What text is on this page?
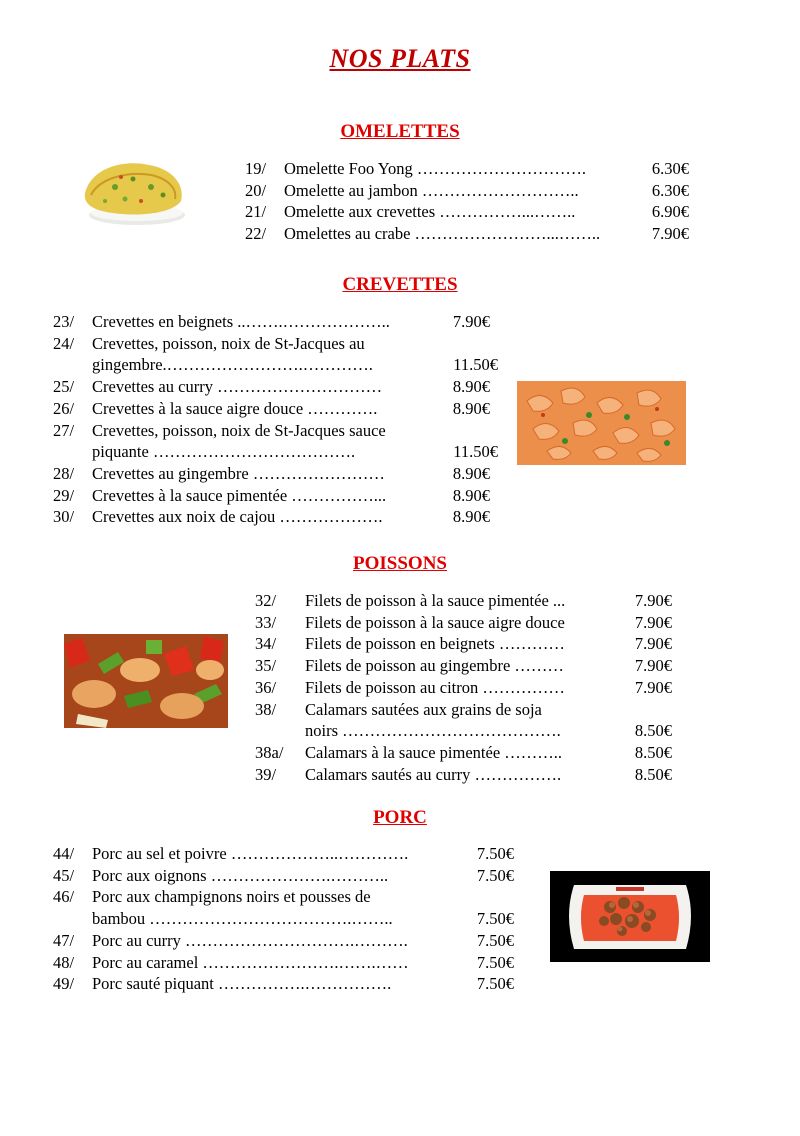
NOS PLATS
OMELETTES
19/	Omelette Foo Yong ………………………….	6.30€
20/	Omelette au jambon ………………………..	6.30€
21/	Omelette aux crevettes ……………...……..	6.90€
22/	Omelettes au crabe ……………………...……..	7.90€
CREVETTES
23/	Crevettes en beignets ..…….………………..	7.90€
24/	Crevettes, poisson, noix de St-Jacques au
gingembre.…………………….………….	11.50€
25/	Crevettes au curry …………………………	8.90€
26/	Crevettes à la sauce aigre douce ………….	8.90€
27/	Crevettes, poisson, noix de St-Jacques sauce
piquante ……………………………….	11.50€
28/	Crevettes au gingembre ……………………	8.90€
29/	Crevettes à la sauce pimentée ……………...	8.90€
30/	Crevettes aux noix de cajou ……………….	8.90€
POISSONS
32/	Filets de poisson à la sauce pimentée ...	7.90€
33/	Filets de poisson à la sauce aigre douce	7.90€
34/	Filets de poisson en beignets …………	7.90€
35/	Filets de poisson au gingembre ………	7.90€
36/	Filets de poisson au citron ……………	7.90€
38/	Calamars sautées aux grains de soja
noirs ………………………………….	8.50€
38a/	Calamars à la sauce pimentée ………..	8.50€
39/	Calamars sautés au curry …………….	8.50€
PORC
44/	Porc au sel et poivre ………………..………….	7.50€
45/	Porc aux oignons ………………….………..	7.50€
46/	Porc aux champignons noirs et pousses de
bambou ……………………………….……..	7.50€
47/	Porc au curry ………………………….……….	7.50€
48/	Porc au caramel …………………….…….……	7.50€
49/	Porc sauté piquant …………….…………….	7.50€
